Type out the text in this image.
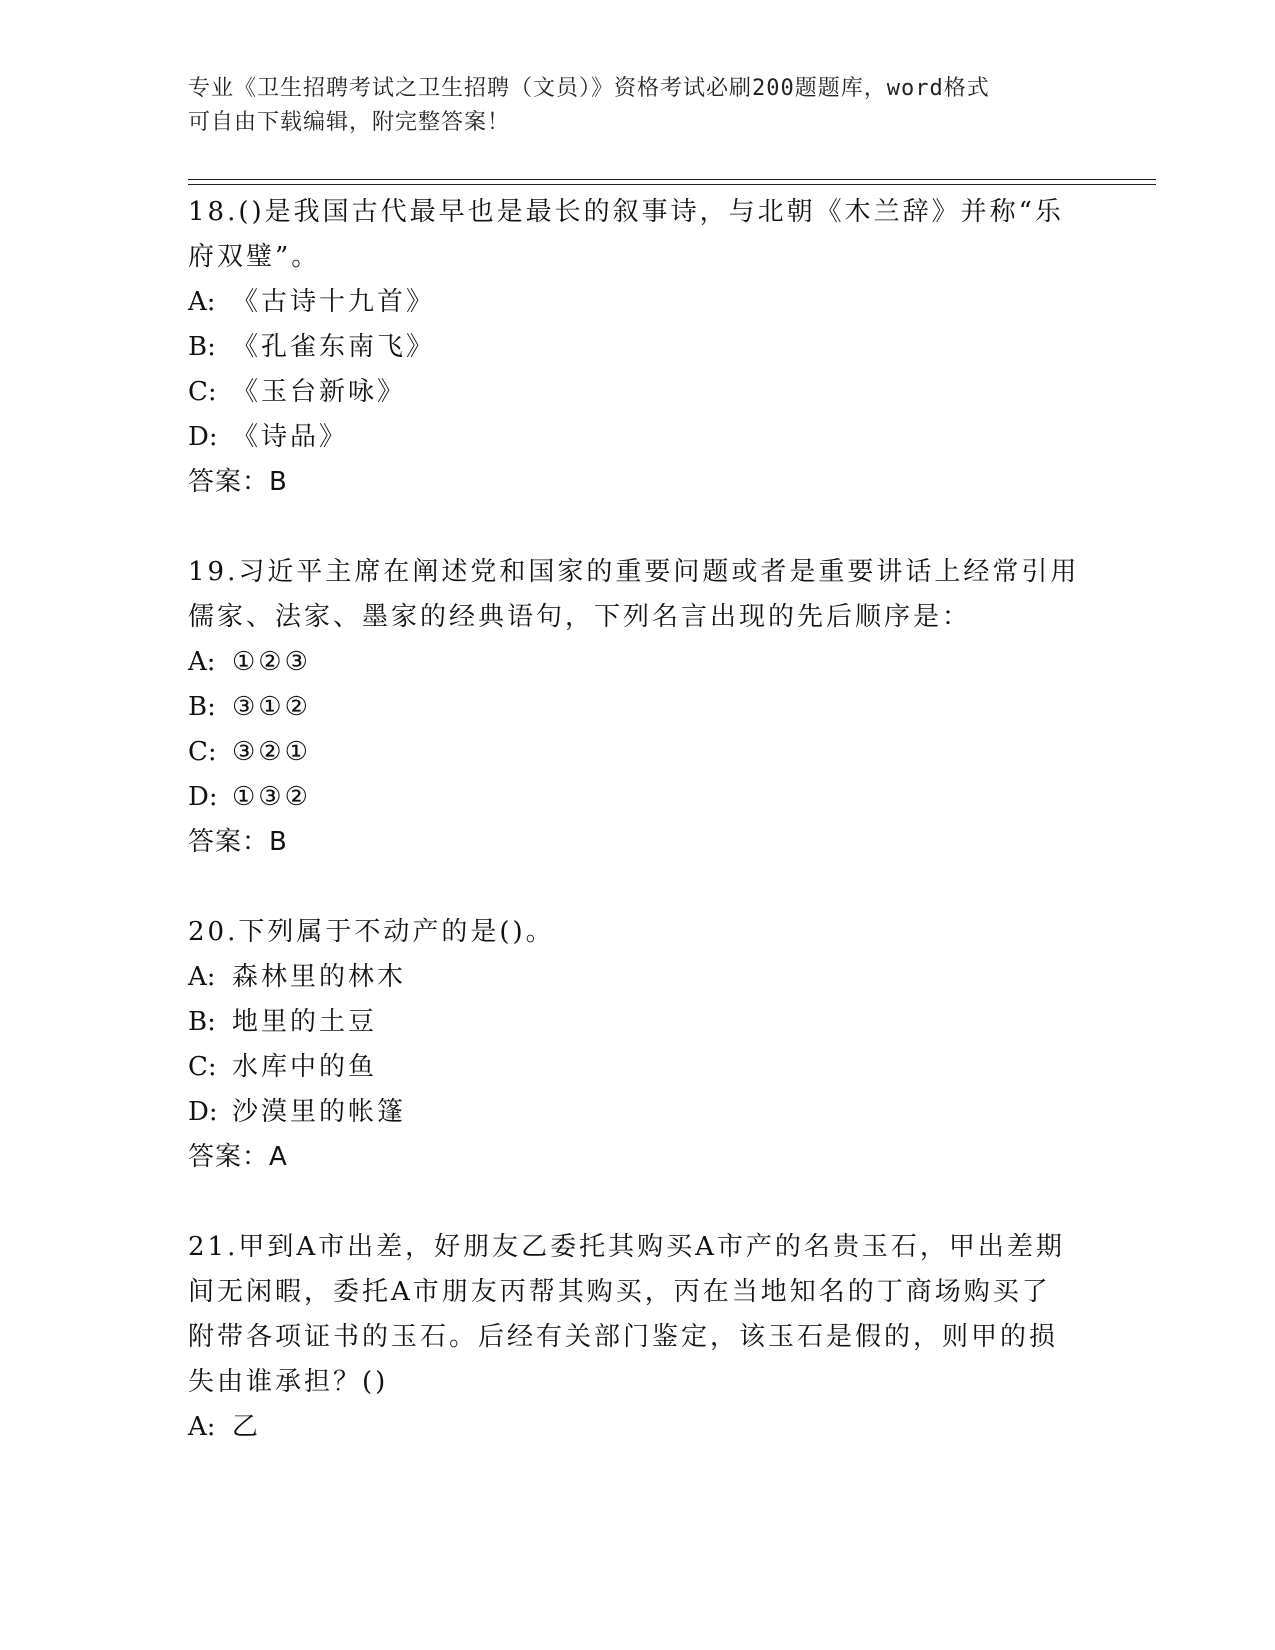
专业《卫生招聘考试之卫生招聘（文员）》资格考试必刷200题题库，word格式
可自由下载编辑，附完整答案！
18.()是我国古代最早也是最长的叙事诗，与北朝《木兰辞》并称“乐
府双璧”。
A: 《古诗十九首》
B: 《孔雀东南飞》
C: 《玉台新咏》
D: 《诗品》
答案：B
19.习近平主席在阐述党和国家的重要问题或者是重要讲话上经常引用
儒家、法家、墨家的经典语句，下列名言出现的先后顺序是：
A: ①②③
B: ③①②
C: ③②①
D: ①③②
答案：B
20.下列属于不动产的是()。
A: 森林里的林木
B: 地里的土豆
C: 水库中的鱼
D: 沙漠里的帐篷
答案：A
21.甲到A市出差，好朋友乙委托其购买A市产的名贵玉石，甲出差期
间无闲暇，委托A市朋友丙帮其购买，丙在当地知名的丁商场购买了
附带各项证书的玉石。后经有关部门鉴定，该玉石是假的，则甲的损
失由谁承担？()
A: 乙
